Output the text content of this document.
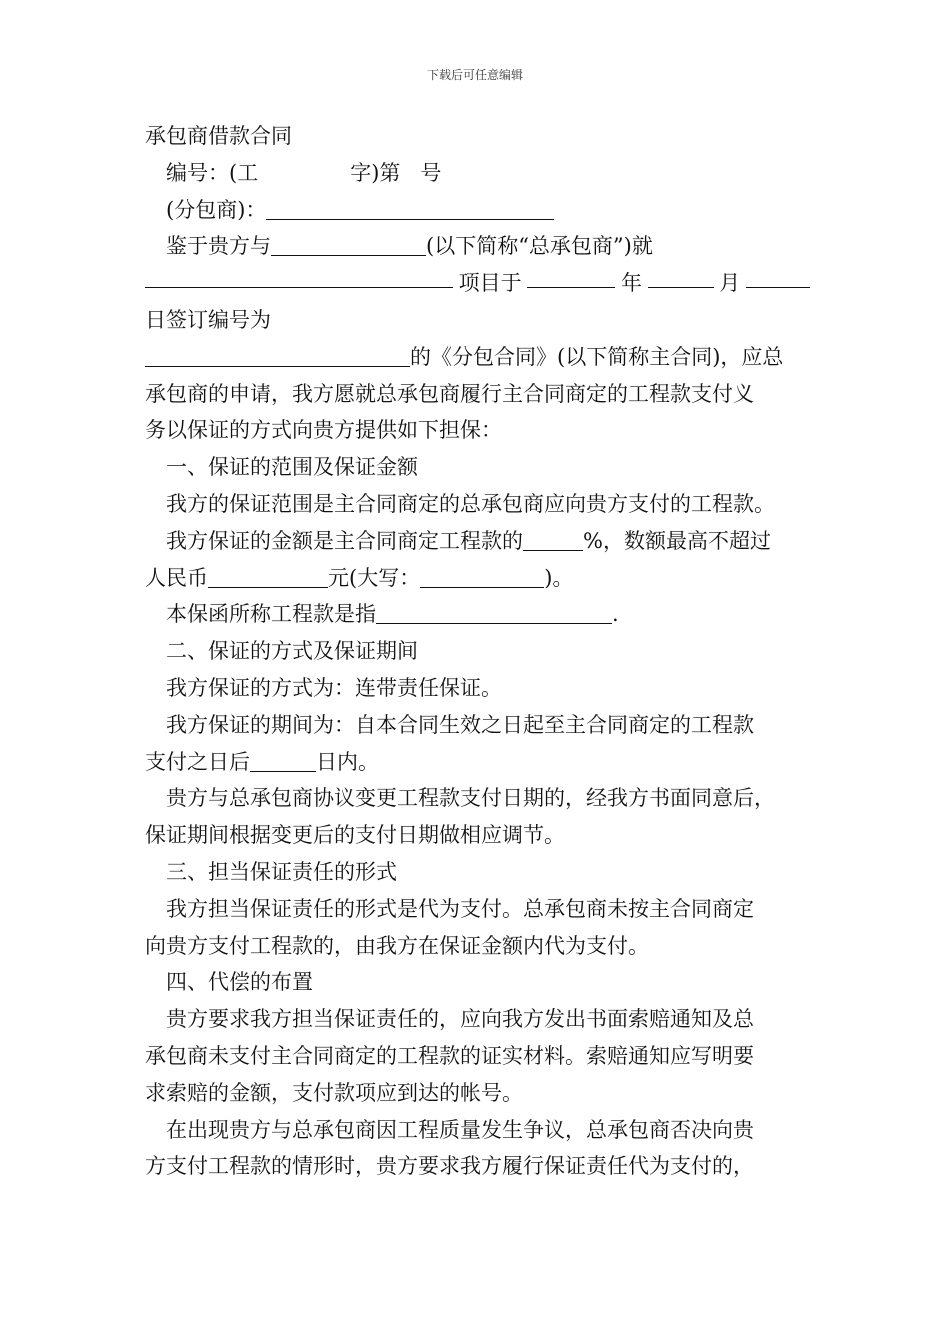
下载后可任意编辑
承包商借款合同
编号：(工	字)第 号
(分包商)：
鉴于贵方与	(以下简称“总承包商”)就
项目于	年	月
日签订编号为
的《分包合同》(以下简称主合同)，应总
承包商的申请，我方愿就总承包商履行主合同商定的工程款支付义
务以保证的方式向贵方提供如下担保：
一、保证的范围及保证金额
我方的保证范围是主合同商定的总承包商应向贵方支付的工程款。
我方保证的金额是主合同商定工程款的	%，数额最高不超过
人民币	元(大写：	)。
本保函所称工程款是指	.
二、保证的方式及保证期间
我方保证的方式为：连带责任保证。
我方保证的期间为：自本合同生效之日起至主合同商定的工程款
支付之日后	日内。
贵方与总承包商协议变更工程款支付日期的，经我方书面同意后，
保证期间根据变更后的支付日期做相应调节。
三、担当保证责任的形式
我方担当保证责任的形式是代为支付。总承包商未按主合同商定
向贵方支付工程款的，由我方在保证金额内代为支付。
四、代偿的布置
贵方要求我方担当保证责任的，应向我方发出书面索赔通知及总
承包商未支付主合同商定的工程款的证实材料。索赔通知应写明要
求索赔的金额，支付款项应到达的帐号。
在出现贵方与总承包商因工程质量发生争议，总承包商否决向贵
方支付工程款的情形时，贵方要求我方履行保证责任代为支付的，
